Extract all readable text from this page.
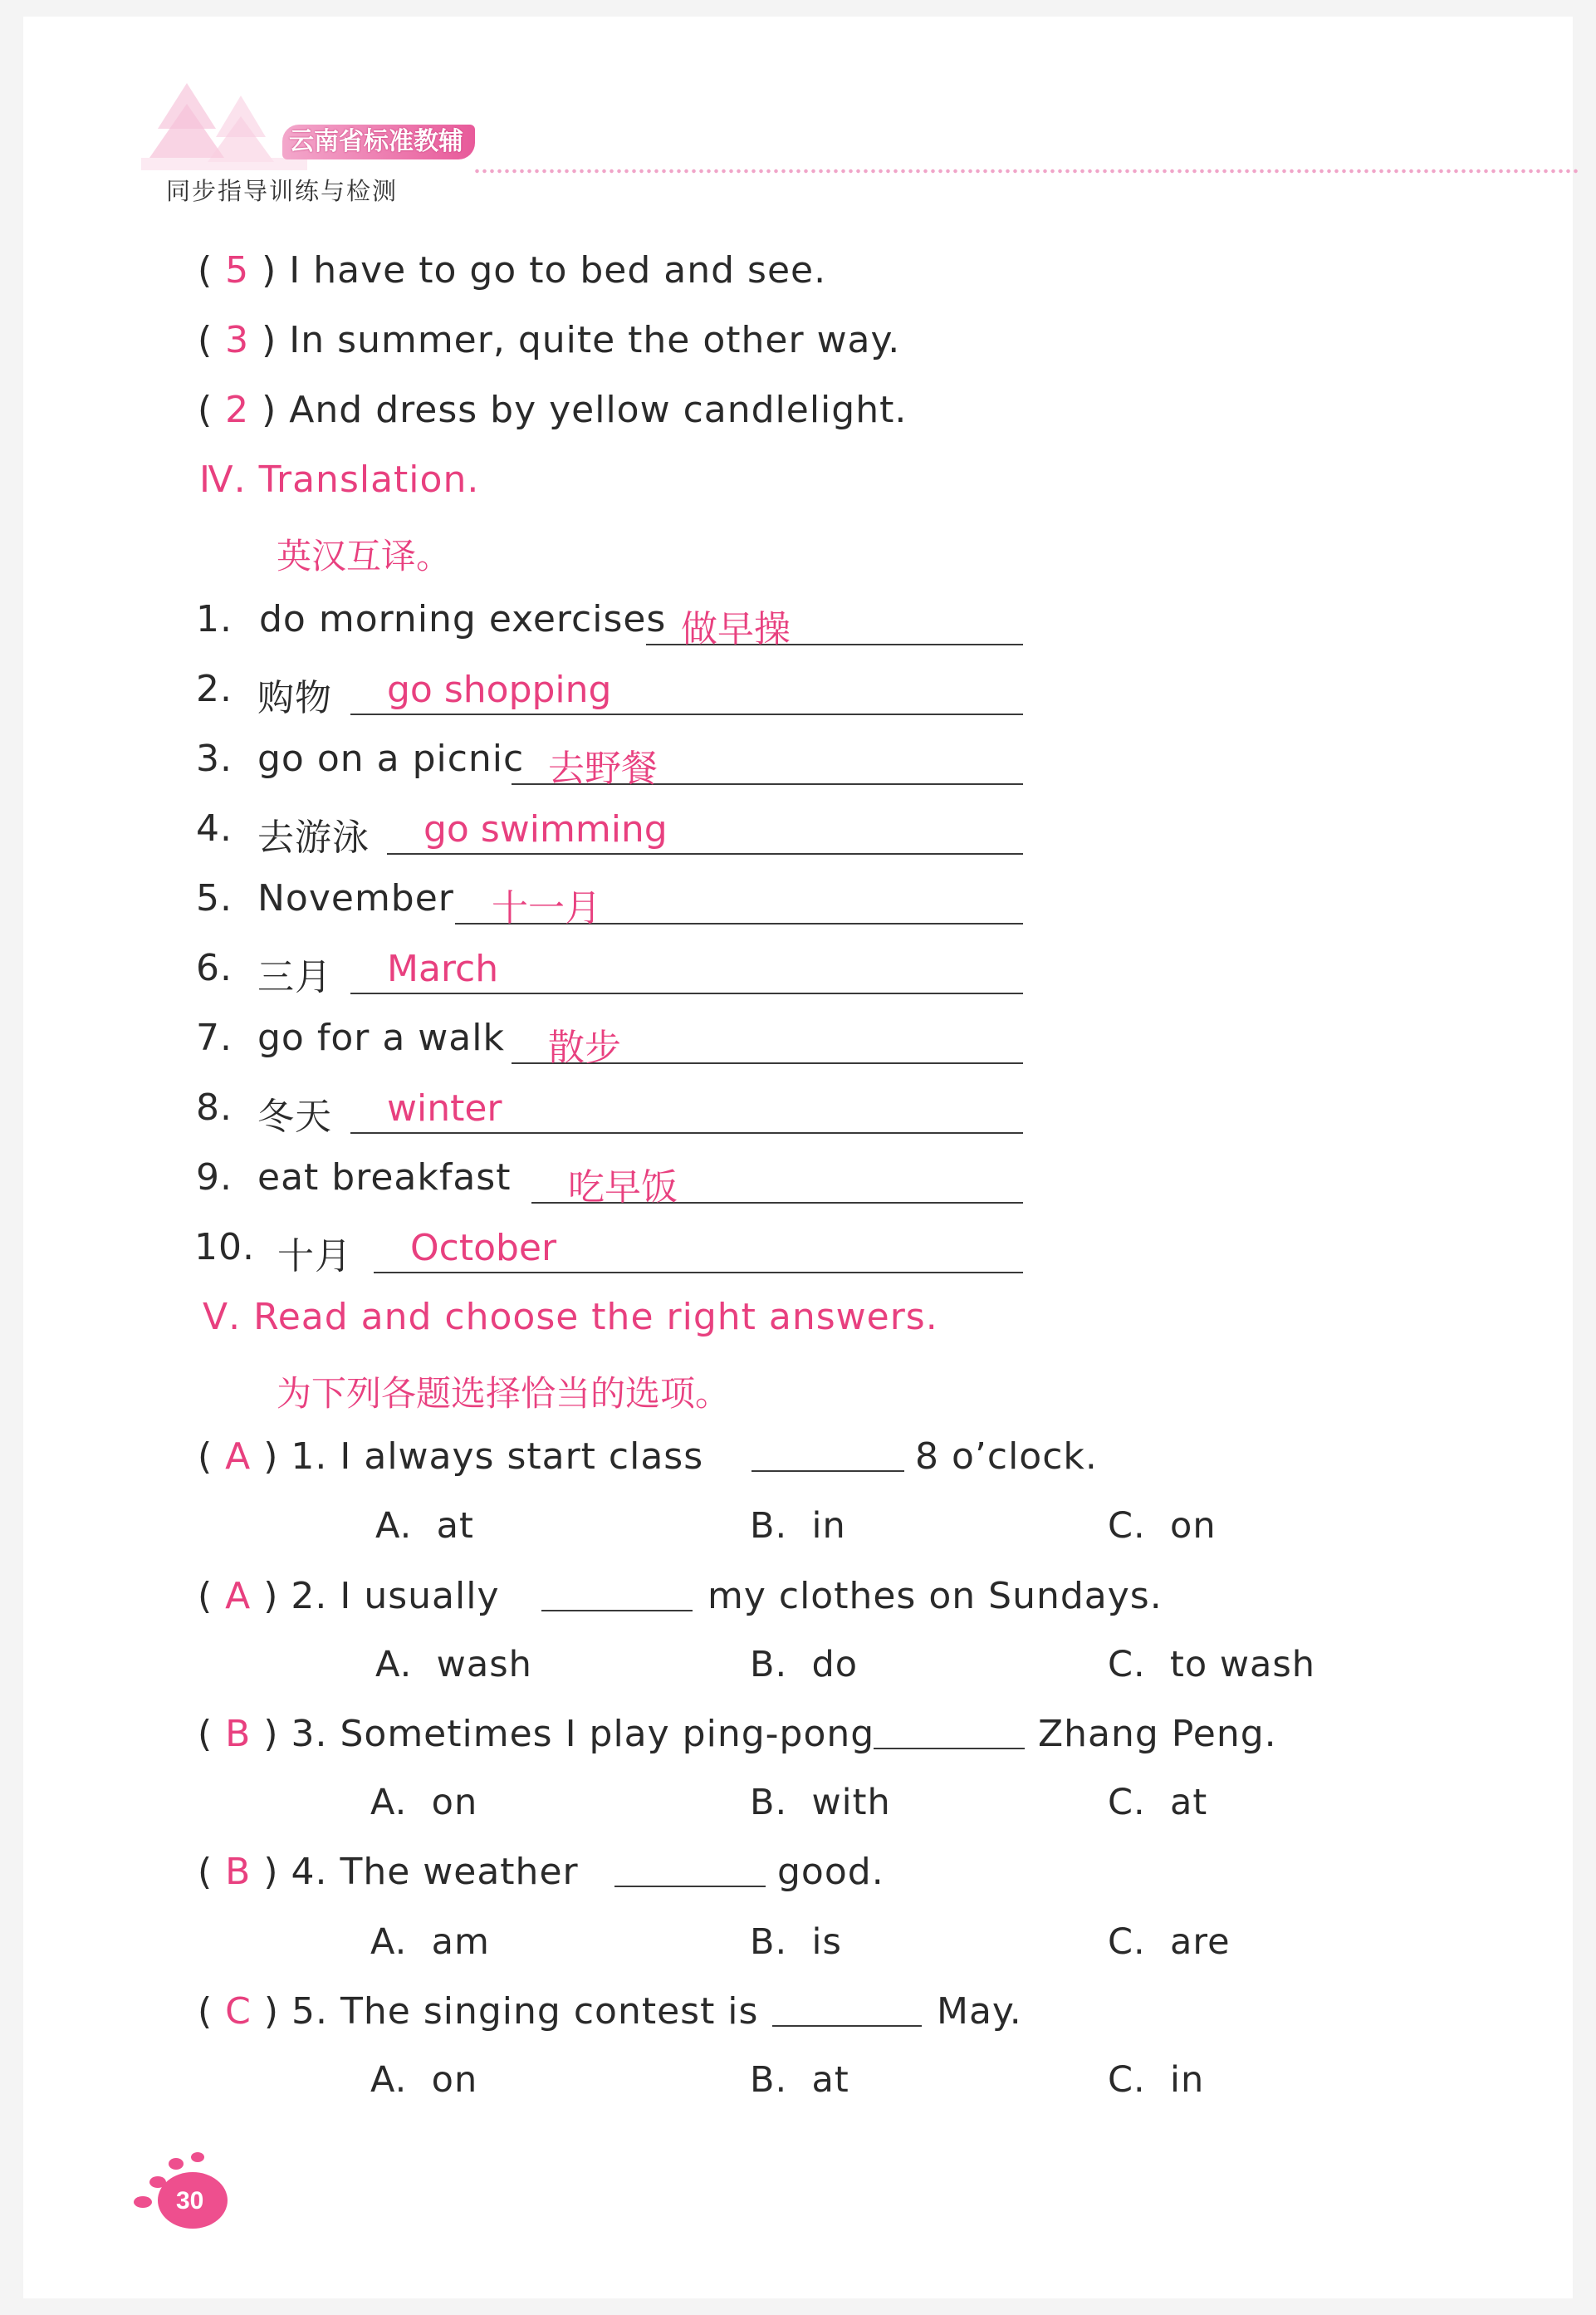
云南省标准教辅
同步指导训练与检测
( 5 ) I have to go to bed and see.
( 3 ) In summer, quite the other way.
( 2 ) And dress by yellow candlelight.
Ⅳ. Translation.
英汉互译。
1. do morning exercises 做早操
2. 购物 go shopping
3. go on a picnic 去野餐
4. 去游泳 go swimming
5. November 十一月
6. 三月 March
7. go for a walk 散步
8. 冬天 winter
9. eat breakfast 吃早饭
10. 十月 October
Ⅴ. Read and choose the right answers.
为下列各题选择恰当的选项。
( A ) 1. I always start class	8 o’clock.
A. at	B. in	C. on
( A ) 2. I usually	my clothes on Sundays.
A. wash	B. do	C. to wash
( B ) 3. Sometimes I play ping-pong	Zhang Peng.
A. on	B. with	C. at
( B ) 4. The weather	good.
A. am	B. is	C. are
( C ) 5. The singing contest is	May.
A. on	B. at	C. in
30
